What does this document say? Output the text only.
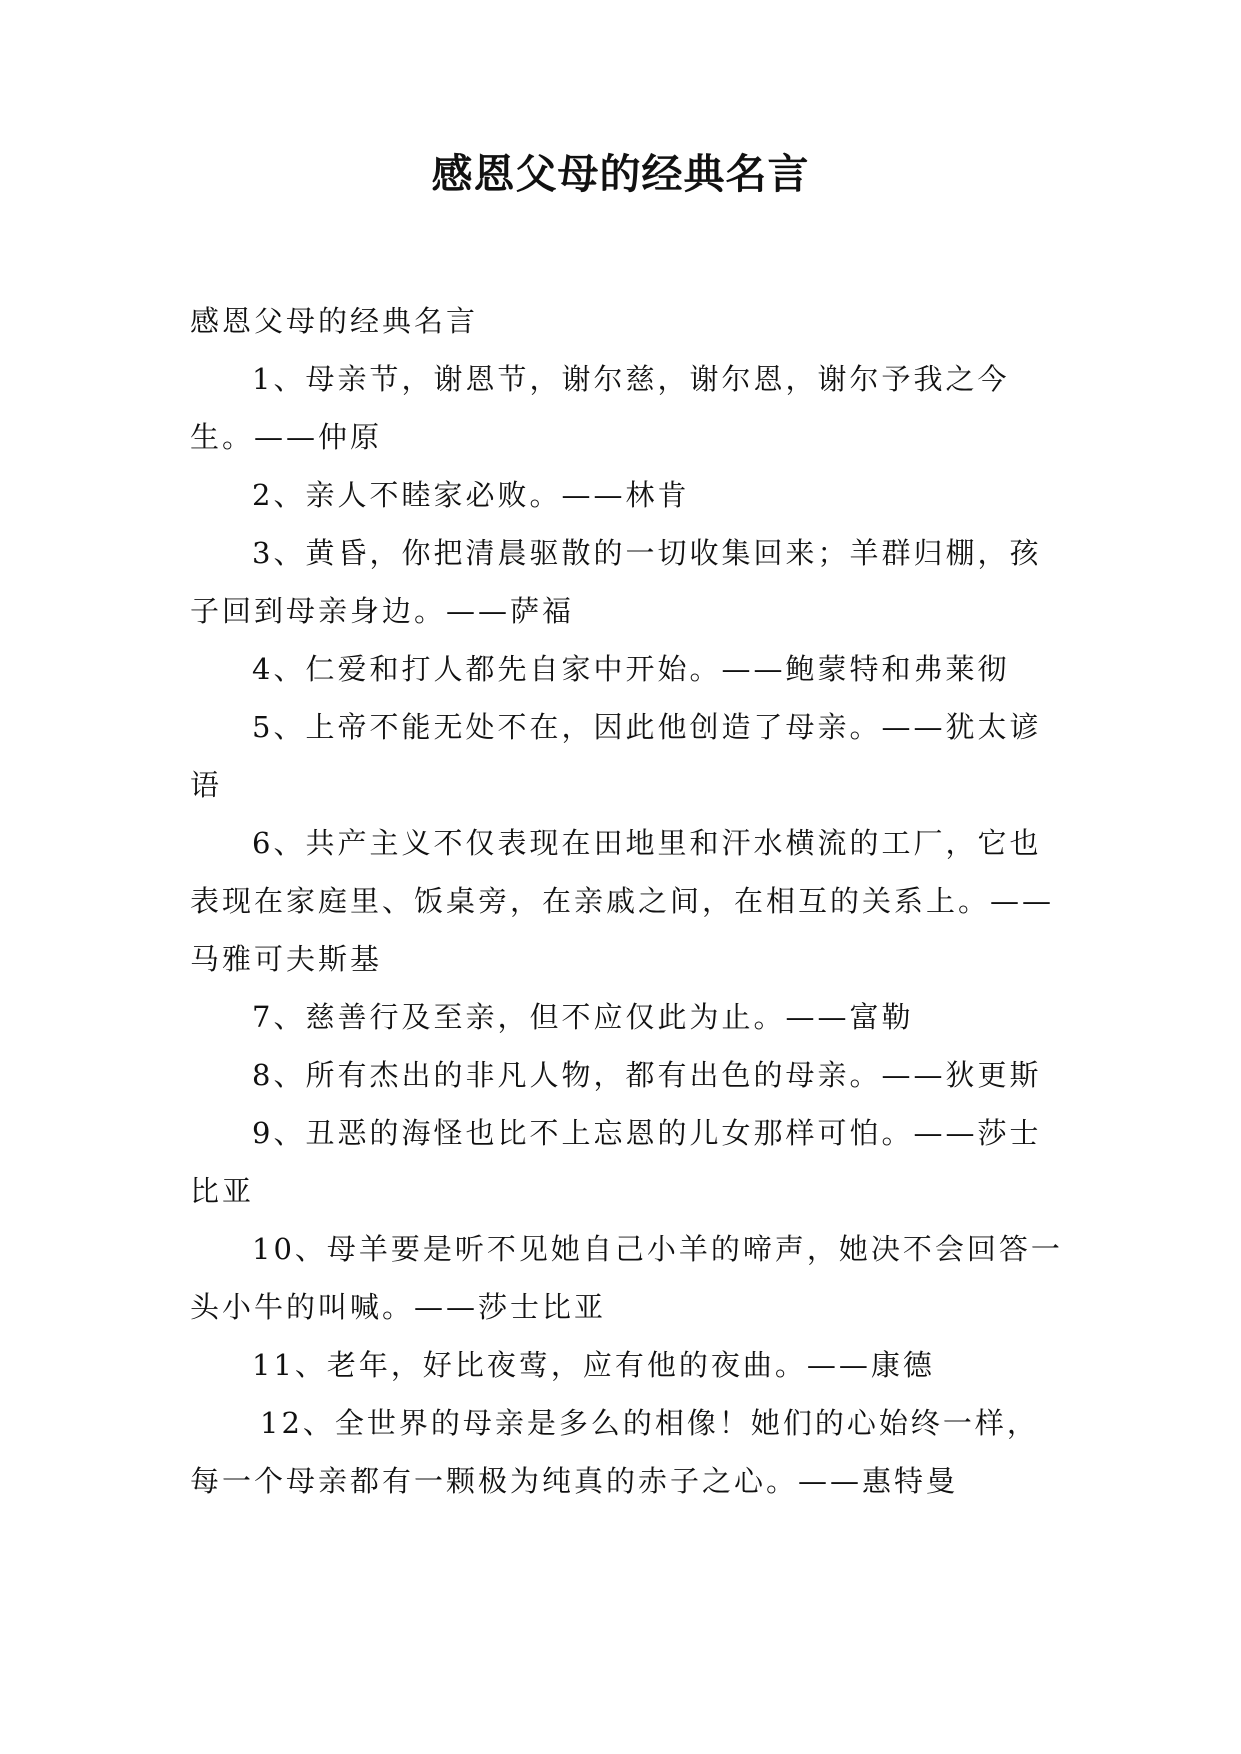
感恩父母的经典名言

感恩父母的经典名言

1、母亲节，谢恩节，谢尔慈，谢尔恩，谢尔予我之今生。——仲原

2、亲人不睦家必败。——林肯

3、黄昏，你把清晨驱散的一切收集回来；羊群归棚，孩子回到母亲身边。——萨福

4、仁爱和打人都先自家中开始。——鲍蒙特和弗莱彻

5、上帝不能无处不在，因此他创造了母亲。——犹太谚语

6、共产主义不仅表现在田地里和汗水横流的工厂，它也表现在家庭里、饭桌旁，在亲戚之间，在相互的关系上。——马雅可夫斯基

7、慈善行及至亲，但不应仅此为止。——富勒

8、所有杰出的非凡人物，都有出色的母亲。——狄更斯

9、丑恶的海怪也比不上忘恩的儿女那样可怕。——莎士比亚

10、母羊要是听不见她自己小羊的啼声，她决不会回答一头小牛的叫喊。——莎士比亚

11、老年，好比夜莺，应有他的夜曲。——康德

12、全世界的母亲是多么的相像！她们的心始终一样，每一个母亲都有一颗极为纯真的赤子之心。——惠特曼
